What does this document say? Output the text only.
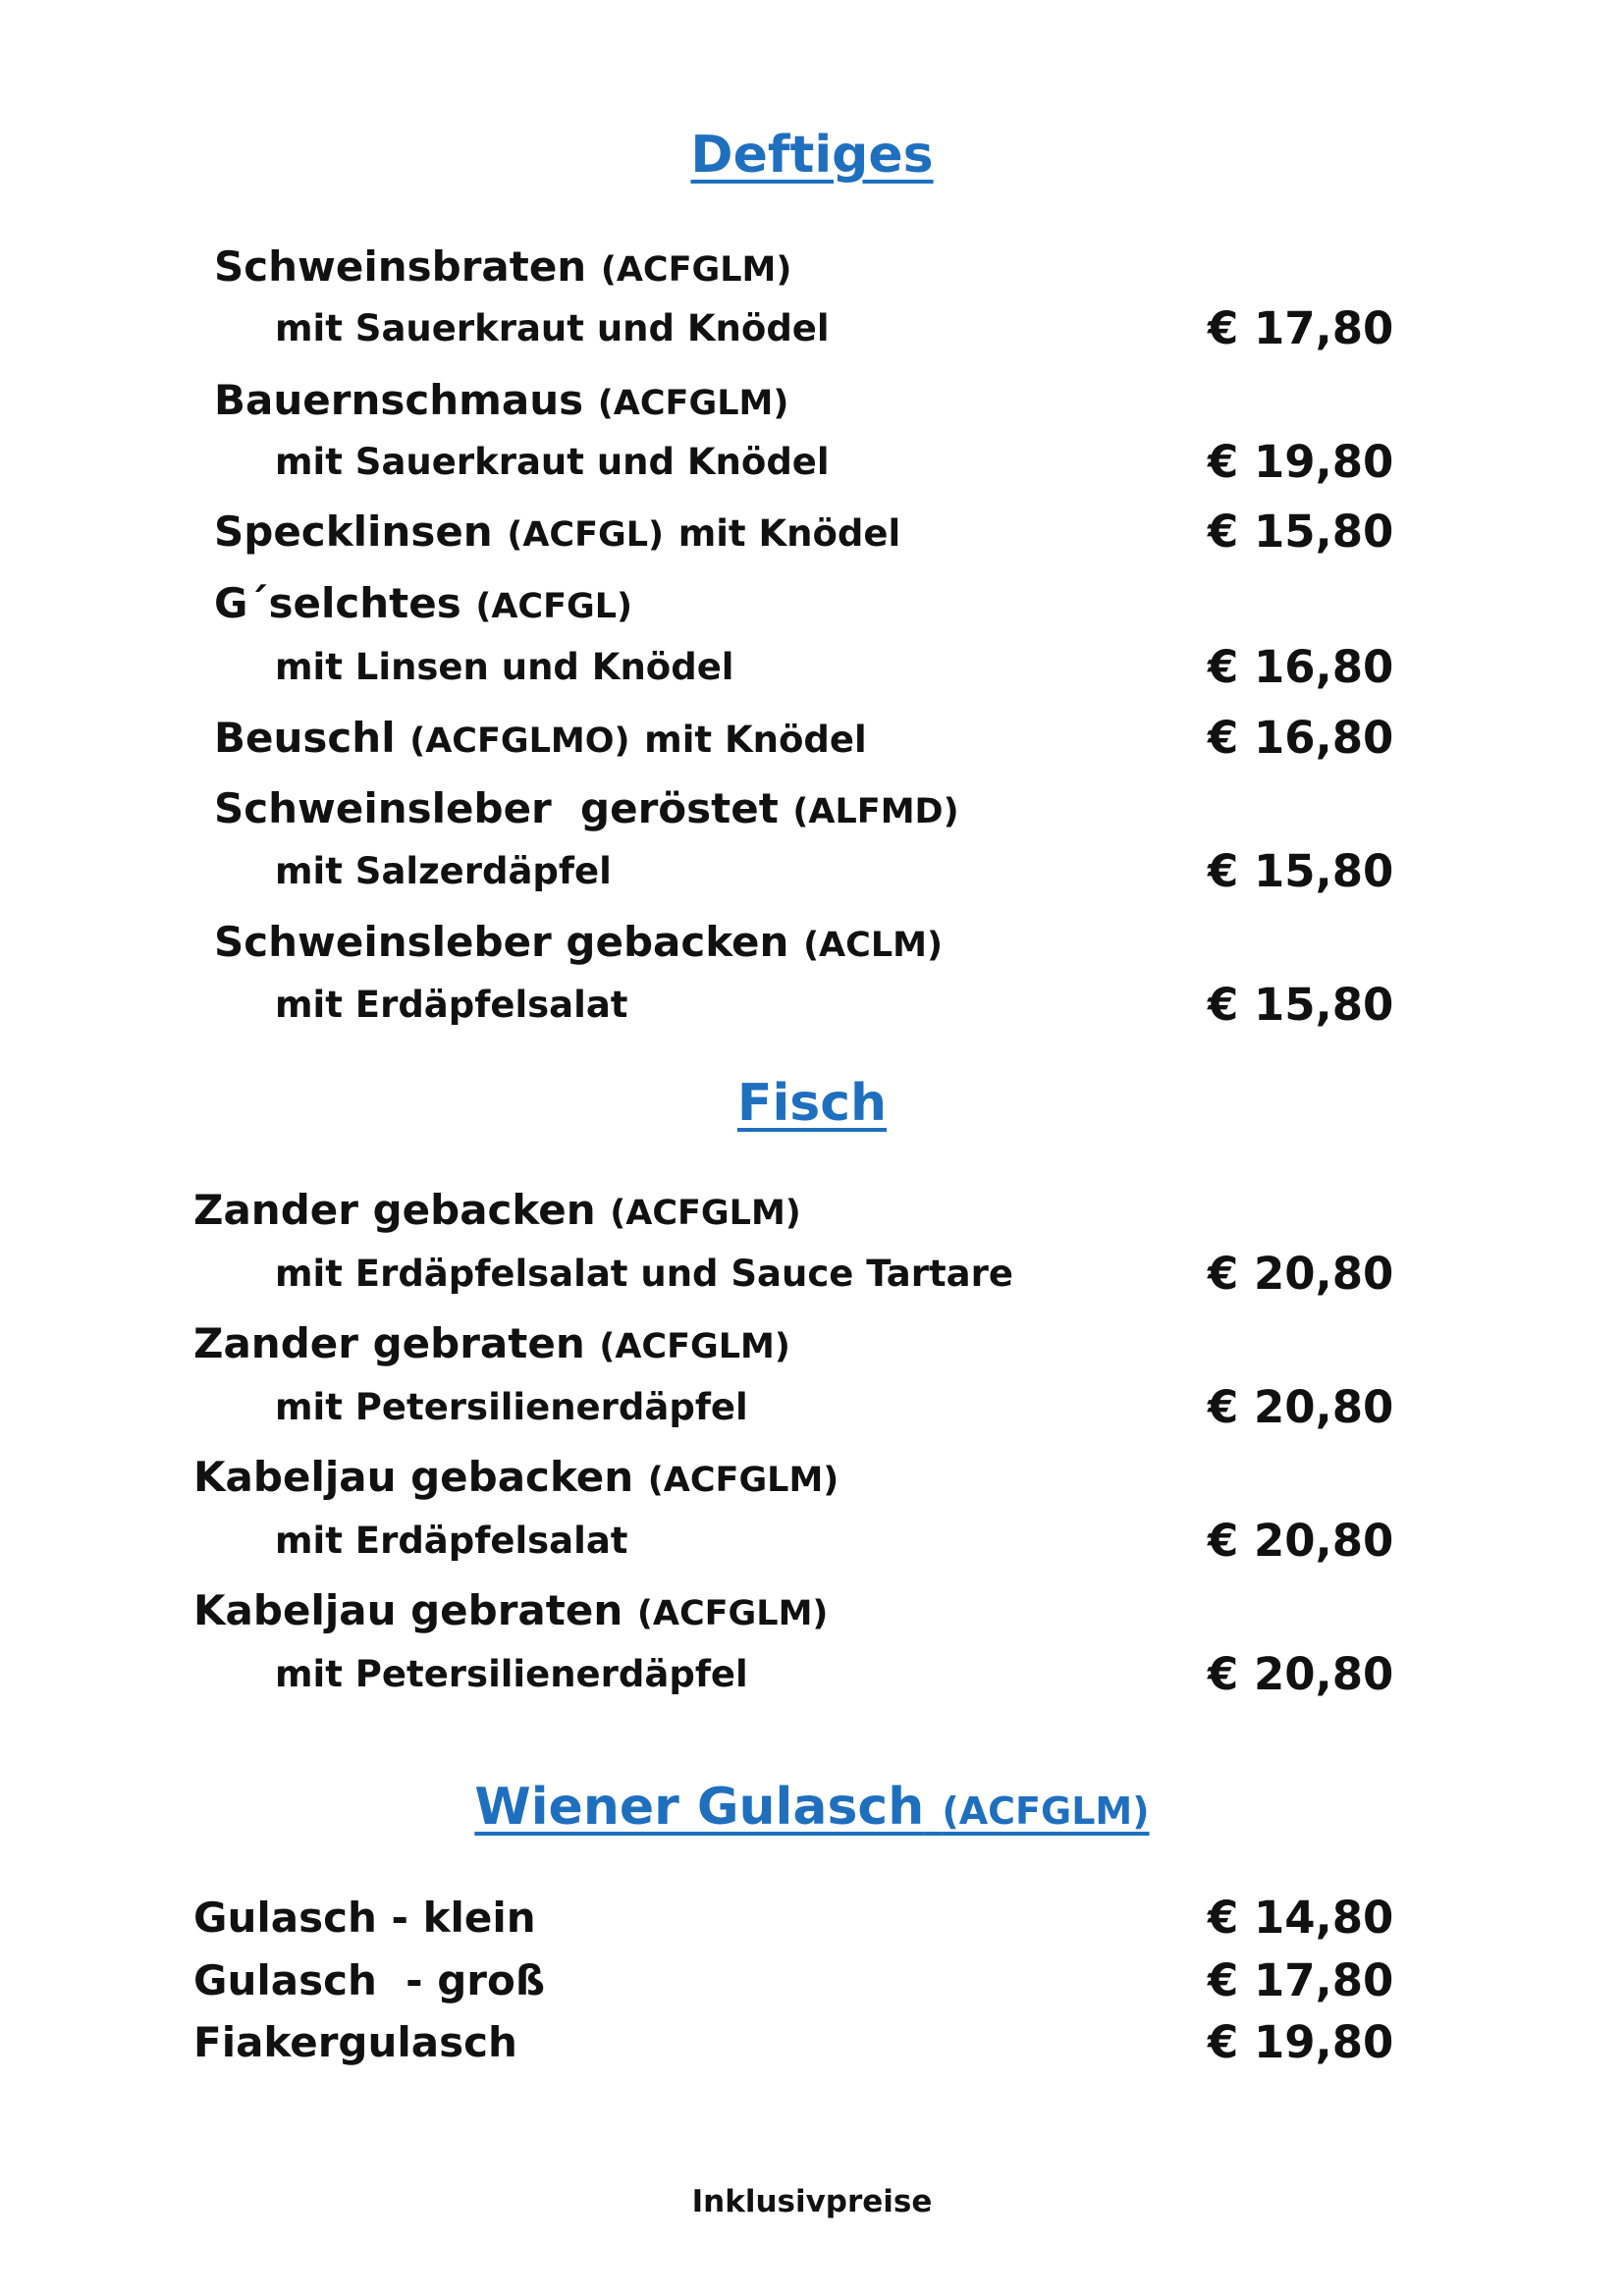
Deftiges
Schweinsbraten (ACFGLM)
mit Sauerkraut und Knödel	€ 17,80
Bauernschmaus (ACFGLM)
mit Sauerkraut und Knödel	€ 19,80
Specklinsen (ACFGL) mit Knödel	€ 15,80
G´selchtes (ACFGL)
mit Linsen und Knödel	€ 16,80
Beuschl (ACFGLMO) mit Knödel	€ 16,80
Schweinsleber  geröstet (ALFMD)
mit Salzerdäpfel	€ 15,80
Schweinsleber gebacken (ACLM)
mit Erdäpfelsalat	€ 15,80
Fisch
Zander gebacken (ACFGLM)
mit Erdäpfelsalat und Sauce Tartare	€ 20,80
Zander gebraten (ACFGLM)
mit Petersilienerdäpfel	€ 20,80
Kabeljau gebacken (ACFGLM)
mit Erdäpfelsalat	€ 20,80
Kabeljau gebraten (ACFGLM)
mit Petersilienerdäpfel	€ 20,80
Wiener Gulasch (ACFGLM)
Gulasch - klein	€ 14,80
Gulasch  - groß	€ 17,80
Fiakergulasch	€ 19,80
Inklusivpreise
